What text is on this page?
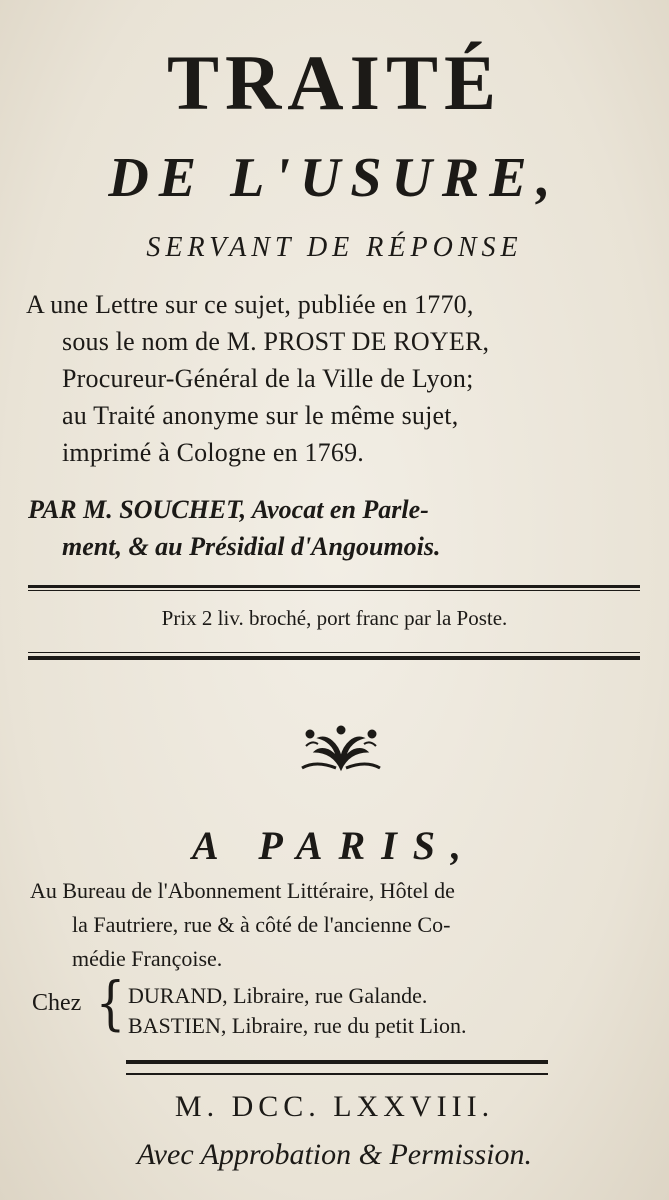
TRAITÉ
DE L'USURE,
SERVANT DE RÉPONSE
A une Lettre sur ce sujet, publiée en 1770,
sous le nom de M. PROST DE ROYER,
Procureur-Général de la Ville de Lyon;
au Traité anonyme sur le même sujet,
imprimé à Cologne en 1769.
PAR M. SOUCHET, Avocat en Parle-
ment, & au Présidial d'Angoumois.
Prix 2 liv. broché, port franc par la Poste.
A PARIS,
Au Bureau de l'Abonnement Littéraire, Hôtel de
la Fautriere, rue & à côté de l'ancienne Co-
médie Françoise.
Chez { DURAND, Libraire, rue Galande.
BASTIEN, Libraire, rue du petit Lion.
M. DCC. LXXVIII.
Avec Approbation & Permission.
